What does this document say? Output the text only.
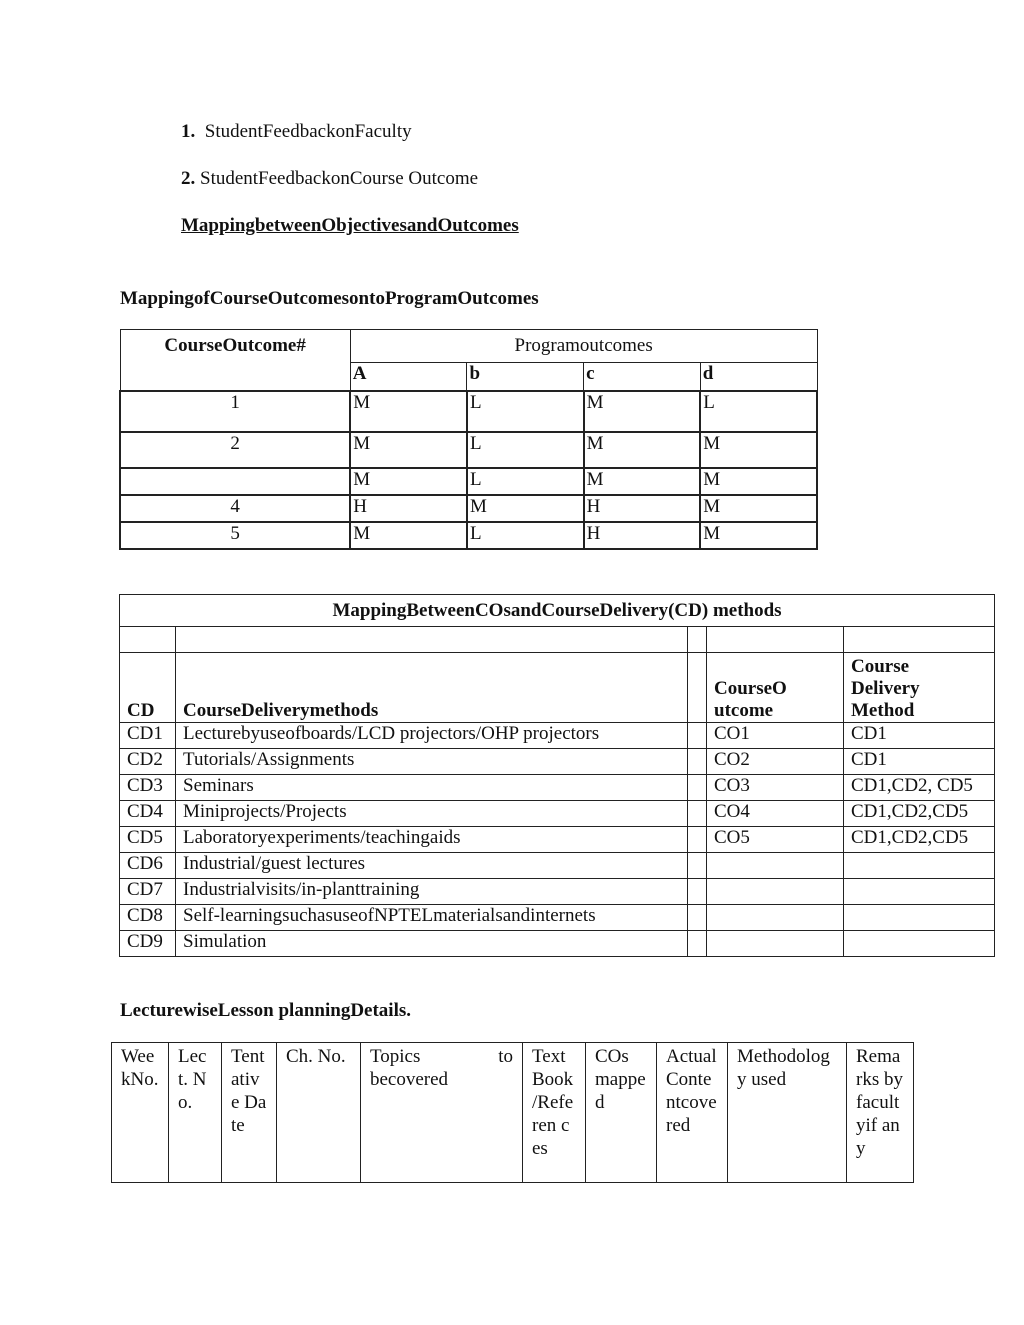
1. StudentFeedbackonFaculty
2. StudentFeedbackonCourse Outcome
MappingbetweenObjectivesandOutcomes
MappingofCourseOutcomesontoProgramOutcomes
CourseOutcome#	Programoutcomes			
	A	b	c	d
1	M	L	M	L
2	M	L	M	M
	M	L	M	M
4	H	M	H	M
5	M	L	H	M
MappingBetweenCOsandCourseDelivery(CD) methods				

CD	CourseDeliverymethods		CourseO utcome	Course Delivery Method

CD1	Lecturebyuseofboards/LCD projectors/OHP projectors		CO1	CD1
CD2	Tutorials/Assignments		CO2	CD1
CD3	Seminars		CO3	CD1,CD2, CD5
CD4	Miniprojects/Projects		CO4	CD1,CD2,CD5
CD5	Laboratoryexperiments/teachingaids		CO5	CD1,CD2,CD5
CD6	Industrial/guest lectures			
CD7	Industrialvisits/in-planttraining			
CD8	Self-learningsuchasuseofNPTELmaterialsandinternets			
CD9	Simulation			
LecturewiseLesson planningDetails.
WeekNo.	Lect. No.	Tentative Date	Ch. No.	Topics to becovered	Text Book /Referen ces	COs mapped	ActualContentcovered	Methodology used	Remarks byfacultyif any
